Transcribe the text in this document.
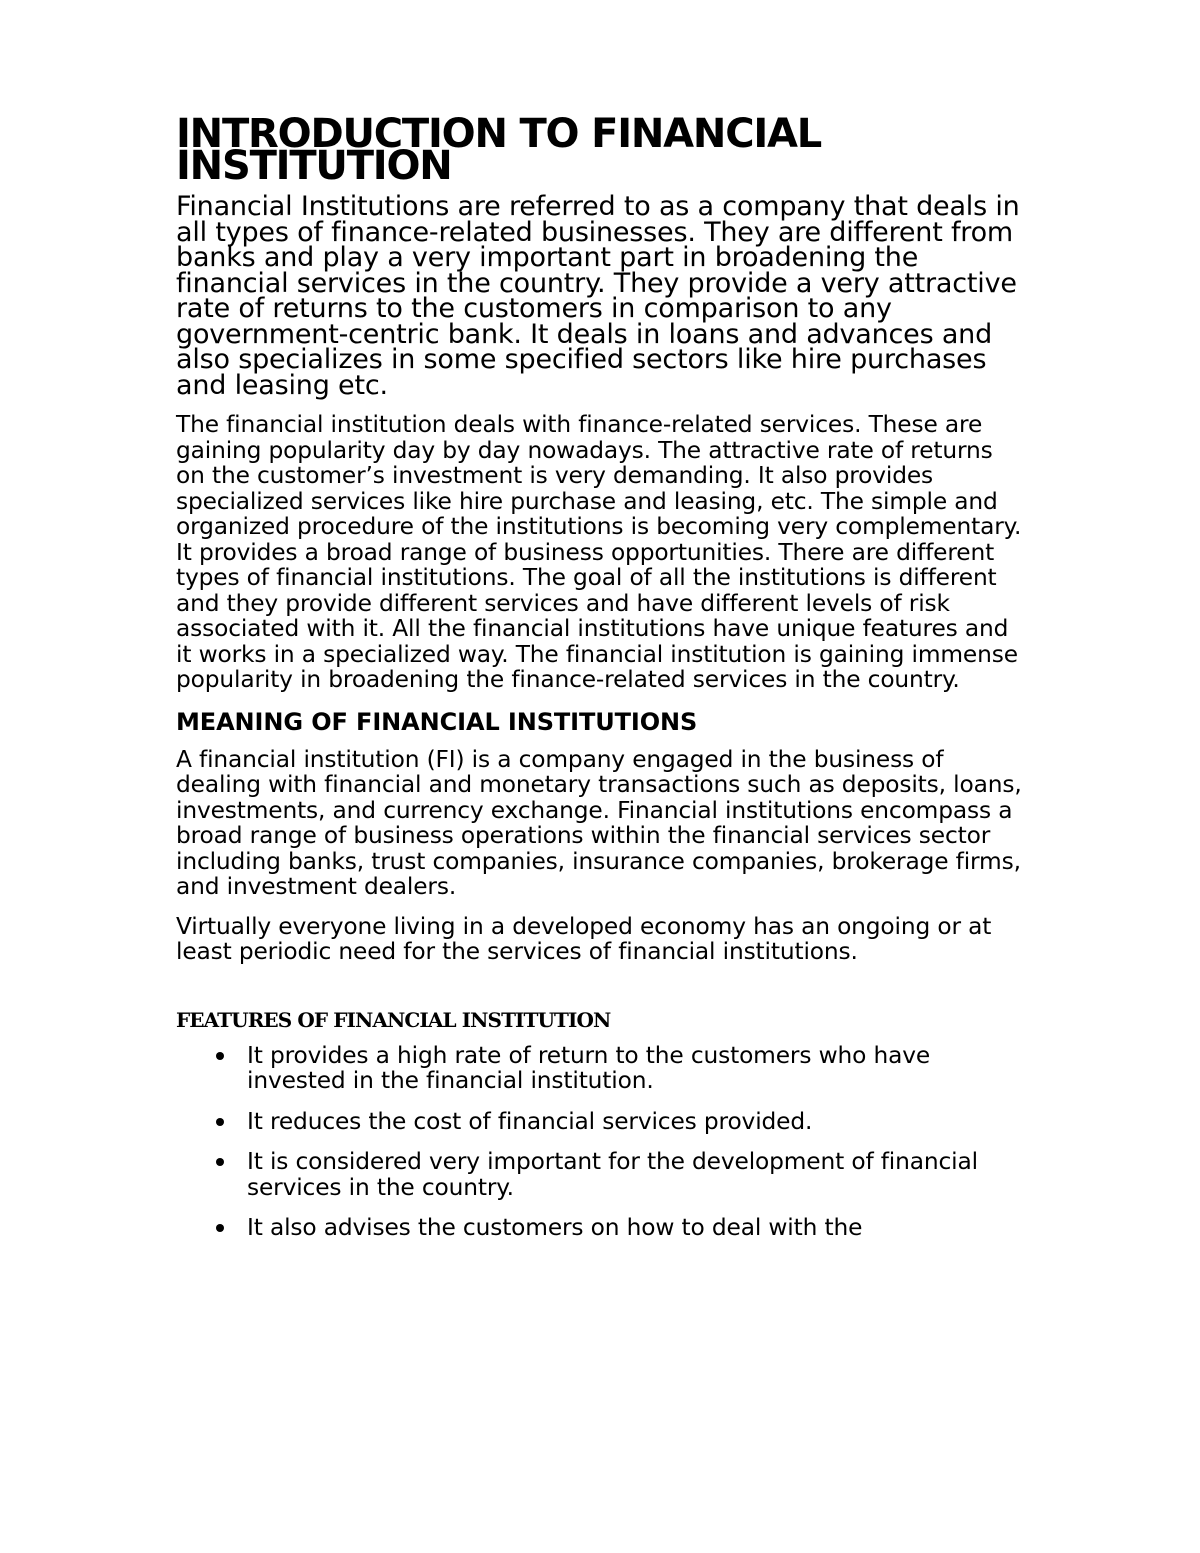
INTRODUCTION TO FINANCIAL INSTITUTION

Financial Institutions are referred to as a company that deals in all types of finance-related businesses. They are different from banks and play a very important part in broadening the financial services in the country. They provide a very attractive rate of returns to the customers in comparison to any government-centric bank. It deals in loans and advances and also specializes in some specified sectors like hire purchases and leasing etc.

The financial institution deals with finance-related services. These are gaining popularity day by day nowadays. The attractive rate of returns on the customer’s investment is very demanding. It also provides specialized services like hire purchase and leasing, etc. The simple and organized procedure of the institutions is becoming very complementary. It provides a broad range of business opportunities. There are different types of financial institutions. The goal of all the institutions is different and they provide different services and have different levels of risk associated with it. All the financial institutions have unique features and it works in a specialized way. The financial institution is gaining immense popularity in broadening the finance-related services in the country.

MEANING OF FINANCIAL INSTITUTIONS

A financial institution (FI) is a company engaged in the business of dealing with financial and monetary transactions such as deposits, loans, investments, and currency exchange. Financial institutions encompass a broad range of business operations within the financial services sector including banks, trust companies, insurance companies, brokerage firms, and investment dealers.

Virtually everyone living in a developed economy has an ongoing or at least periodic need for the services of financial institutions.

FEATURES OF FINANCIAL INSTITUTION
It provides a high rate of return to the customers who have invested in the financial institution.
It reduces the cost of financial services provided.
It is considered very important for the development of financial services in the country.
It also advises the customers on how to deal with the
